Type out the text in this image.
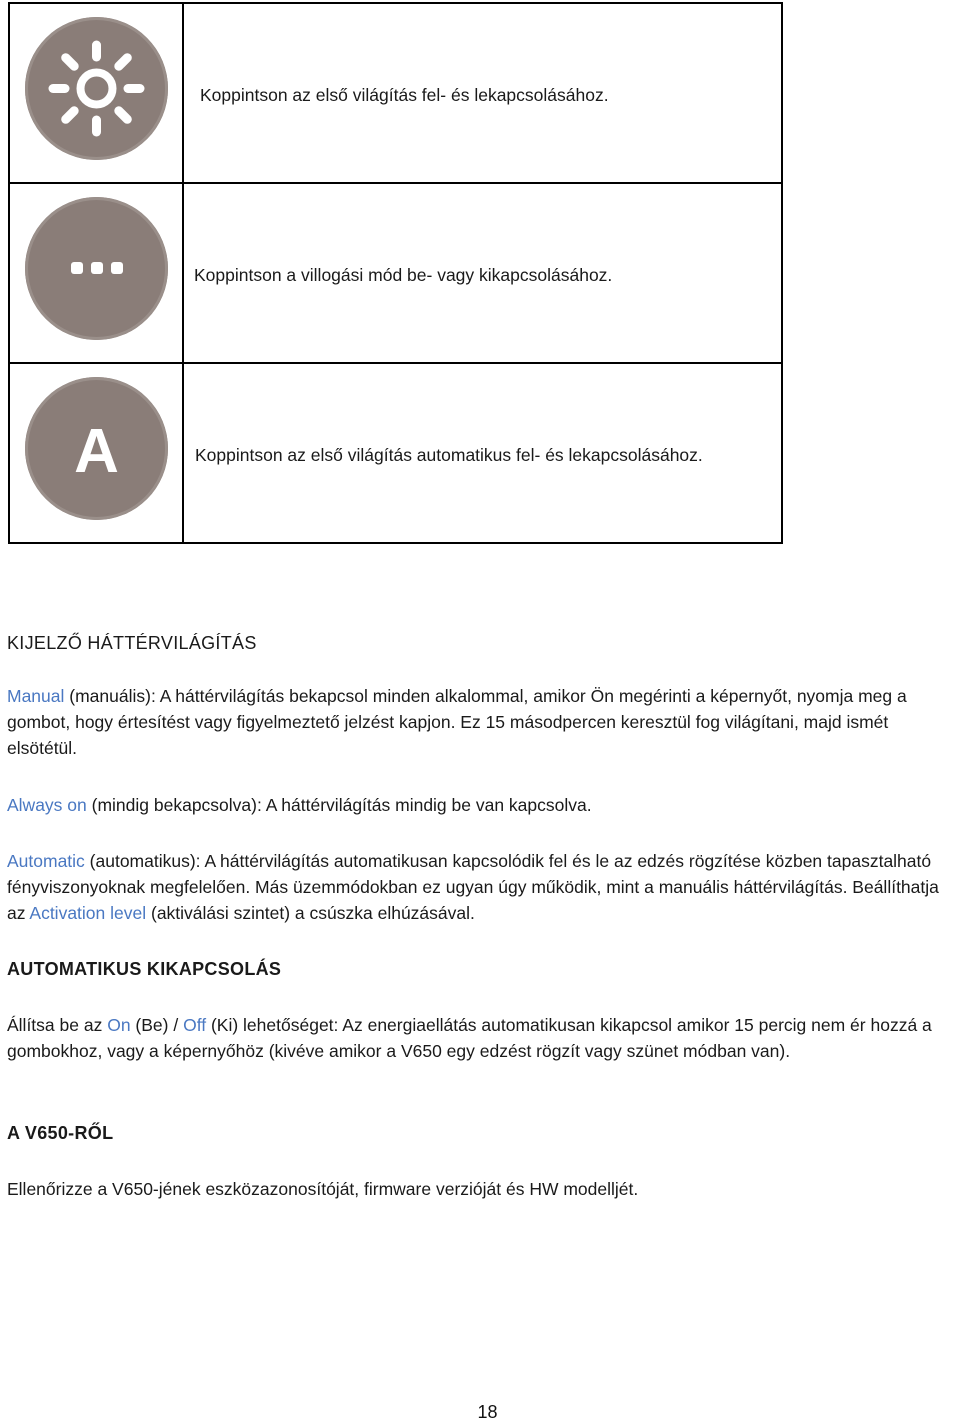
Koppintson az első világítás fel- és lekapcsolásához.

Koppintson a villogási mód be- vagy kikapcsolásához.

A	Koppintson az első világítás automatikus fel- és lekapcsolásához.
KIJELZŐ HÁTTÉRVILÁGÍTÁS
Manual (manuális): A háttérvilágítás bekapcsol minden alkalommal, amikor Ön megérinti a képernyőt, nyomja meg a gombot, hogy értesítést vagy figyelmeztető jelzést kapjon. Ez 15 másodpercen keresztül fog világítani, majd ismét elsötétül.
Always on (mindig bekapcsolva): A háttérvilágítás mindig be van kapcsolva.
Automatic (automatikus): A háttérvilágítás automatikusan kapcsolódik fel és le az edzés rögzítése közben tapasztalható fényviszonyoknak megfelelően. Más üzemmódokban ez ugyan úgy működik, mint a manuális háttérvilágítás. Beállíthatja az Activation level (aktiválási szintet) a csúszka elhúzásával.
AUTOMATIKUS KIKAPCSOLÁS
Állítsa be az On (Be) / Off (Ki) lehetőséget: Az energiaellátás automatikusan kikapcsol amikor 15 percig nem ér hozzá a gombokhoz, vagy a képernyőhöz (kivéve amikor a V650 egy edzést rögzít vagy szünet módban van).
A V650-RŐL
Ellenőrizze a V650-jének eszközazonosítóját, firmware verzióját és HW modelljét.
18
